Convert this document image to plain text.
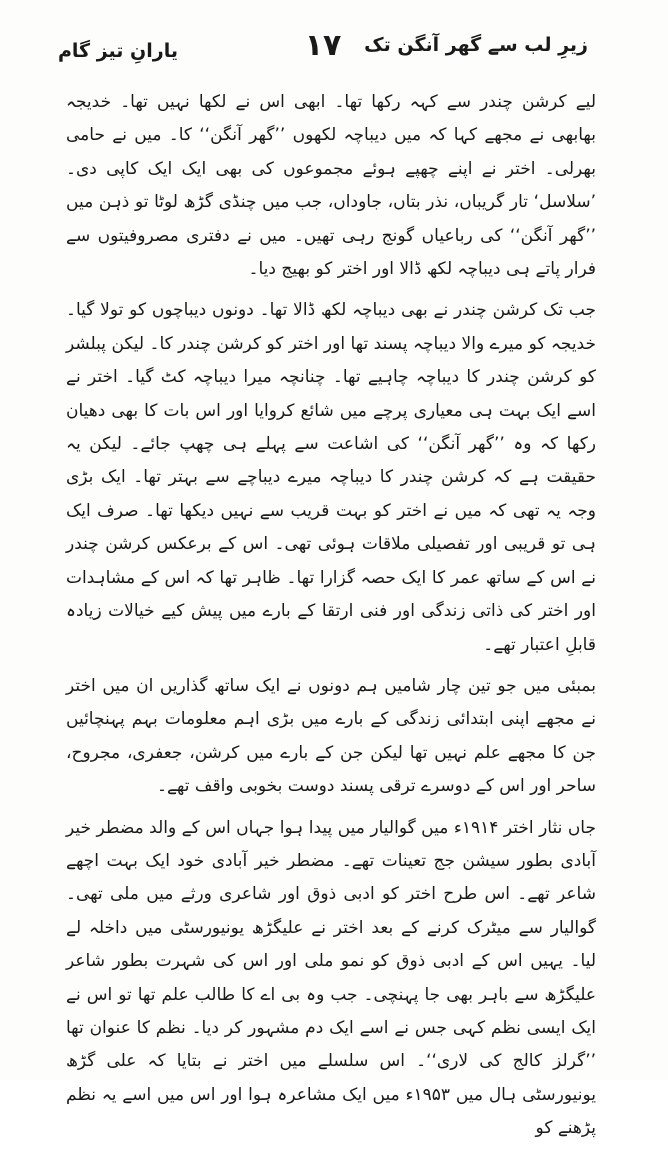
زیرِ لب سے گھر آنگن تک
۱۷
یارانِ تیز گام

لیے کرشن چندر سے کہہ رکھا تھا۔ ابھی اس نے لکھا نہیں تھا۔ خدیجہ بھابھی نے مجھے کہا کہ میں دیباچہ لکھوں ’’گھر آنگن‘‘ کا۔ میں نے حامی بھرلی۔ اختر نے اپنے چھپے ہوئے مجموعوں کی بھی ایک ایک کاپی دی۔ ’سلاسل‘ تار گریباں، نذر بتاں، جاوداں، جب میں چنڈی گڑھ لوٹا تو ذہن میں ’’گھر آنگن‘‘ کی رباعیاں گونج رہی تھیں۔ میں نے دفتری مصروفیتوں سے فرار پاتے ہی دیباچہ لکھ ڈالا اور اختر کو بھیج دیا۔

جب تک کرشن چندر نے بھی دیباچہ لکھ ڈالا تھا۔ دونوں دیباچوں کو تولا گیا۔ خدیجہ کو میرے والا دیباچہ پسند تھا اور اختر کو کرشن چندر کا۔ لیکن پبلشر کو کرشن چندر کا دیباچہ چاہیے تھا۔ چنانچہ میرا دیباچہ کٹ گیا۔ اختر نے اسے ایک بہت ہی معیاری پرچے میں شائع کروایا اور اس بات کا بھی دھیان رکھا کہ وہ ’’گھر آنگن‘‘ کی اشاعت سے پہلے ہی چھپ جائے۔ لیکن یہ حقیقت ہے کہ کرشن چندر کا دیباچہ میرے دیباچے سے بہتر تھا۔ ایک بڑی وجہ یہ تھی کہ میں نے اختر کو بہت قریب سے نہیں دیکھا تھا۔ صرف ایک ہی تو قریبی اور تفصیلی ملاقات ہوئی تھی۔ اس کے برعکس کرشن چندر نے اس کے ساتھ عمر کا ایک حصہ گزارا تھا۔ ظاہر تھا کہ اس کے مشاہدات اور اختر کی ذاتی زندگی اور فنی ارتقا کے بارے میں پیش کیے خیالات زیادہ قابلِ اعتبار تھے۔

بمبئی میں جو تین چار شامیں ہم دونوں نے ایک ساتھ گذاریں ان میں اختر نے مجھے اپنی ابتدائی زندگی کے بارے میں بڑی اہم معلومات بہم پہنچائیں جن کا مجھے علم نہیں تھا لیکن جن کے بارے میں کرشن، جعفری، مجروح، ساحر اور اس کے دوسرے ترقی پسند دوست بخوبی واقف تھے۔

جاں نثار اختر ۱۹۱۴ء میں گوالیار میں پیدا ہوا جہاں اس کے والد مضطر خیر آبادی بطور سیشن جج تعینات تھے۔ مضطر خیر آبادی خود ایک بہت اچھے شاعر تھے۔ اس طرح اختر کو ادبی ذوق اور شاعری ورثے میں ملی تھی۔ گوالیار سے میٹرک کرنے کے بعد اختر نے علیگڑھ یونیورسٹی میں داخلہ لے لیا۔ یہیں اس کے ادبی ذوق کو نمو ملی اور اس کی شہرت بطور شاعر علیگڑھ سے باہر بھی جا پہنچی۔ جب وہ بی اے کا طالب علم تھا تو اس نے ایک ایسی نظم کہی جس نے اسے ایک دم مشہور کر دیا۔ نظم کا عنوان تھا ’’گرلز کالج کی لاری‘‘۔ اس سلسلے میں اختر نے بتایا کہ علی گڑھ یونیورسٹی ہال میں ۱۹۵۳ء میں ایک مشاعرہ ہوا اور اس میں اسے یہ نظم پڑھنے کو
